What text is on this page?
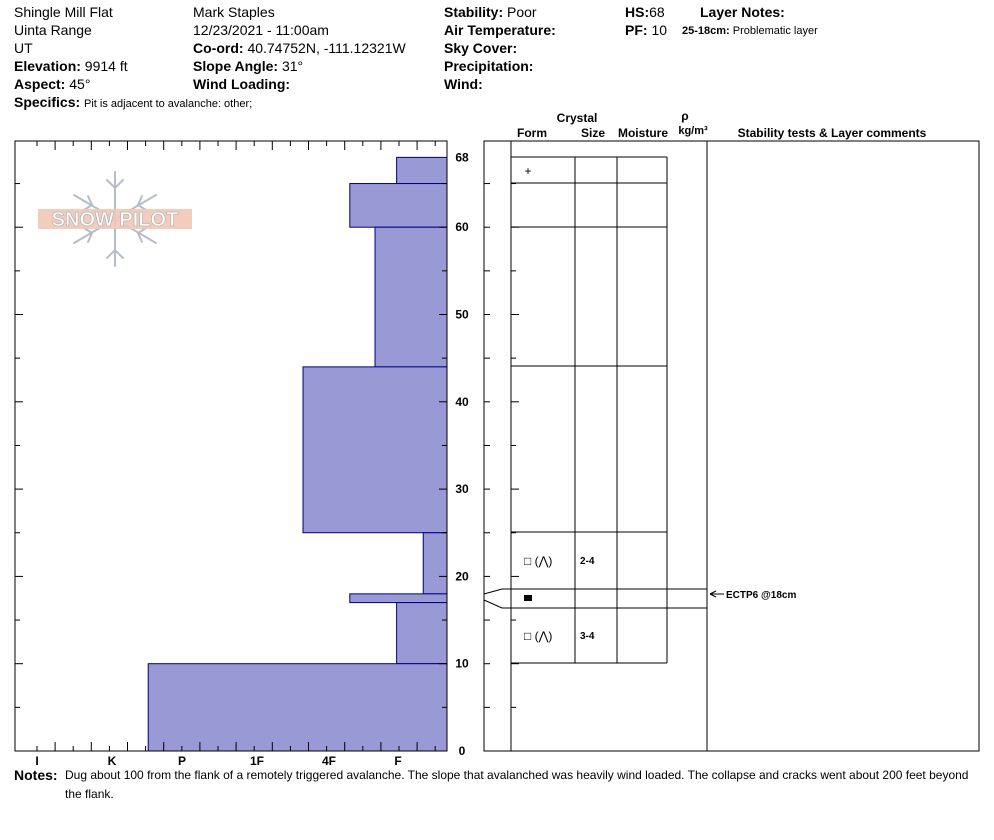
Shingle Mill Flat
Uinta Range
UT
Elevation: 9914 ft
Aspect: 45°
Mark Staples
12/23/2021 - 11:00am
Co-ord: 40.74752N, -111.12321W
Slope Angle: 31°
Wind Loading:
Stability: Poor
Air Temperature:
Sky Cover:
Precipitation:
Wind:
HS:68
PF: 10
Layer Notes:
25-18cm: Problematic layer
Specifics: Pit is adjacent to avalanche: other;
SNOW PILOT
I	K	P	1F	4F	F
0
10
20
30
40
50
60
68
+
□ (⋀)	2-4
□ (⋀)	3-4
ECTP6 @18cm
Crystal
Form	Size Moisture
ρ
kg/m³ Stability tests & Layer comments
Notes: Dug about 100 from the flank of a remotely triggered avalanche. The slope that avalanched was heavily wind loaded. The collapse and cracks went about 200 feet beyond the flank.
